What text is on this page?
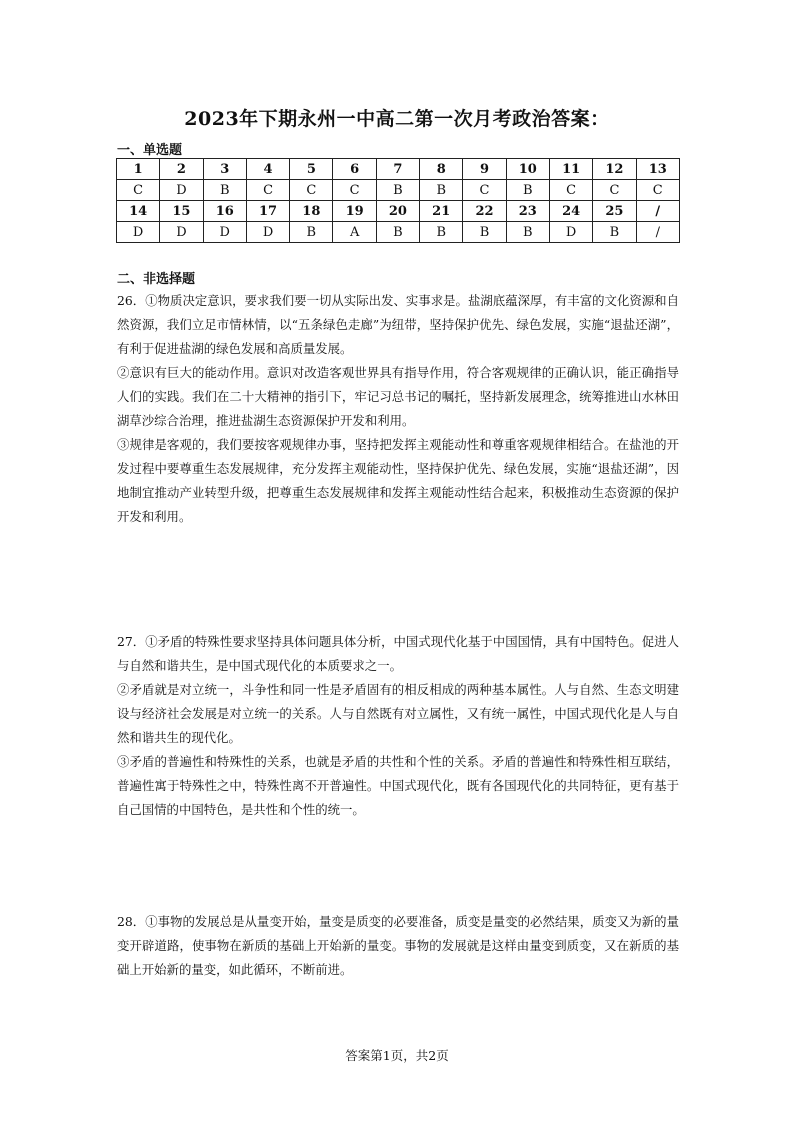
2023年下期永州一中高二第一次月考政治答案：
一、单选题
1	2	3	4	5	6	7	8	9	10	11	12	13
C	D	B	C	C	C	B	B	C	B	C	C	C
14	15	16	17	18	19	20	21	22	23	24	25	/
D	D	D	D	B	A	B	B	B	B	D	B	/
二、非选择题

26．①物质决定意识，要求我们要一切从实际出发、实事求是。盐湖底蕴深厚，有丰富的文化资源和自然资源，我们立足市情林情，以“五条绿色走廊”为纽带，坚持保护优先、绿色发展，实施“退盐还湖”，有利于促进盐湖的绿色发展和高质量发展。

②意识有巨大的能动作用。意识对改造客观世界具有指导作用，符合客观规律的正确认识，能正确指导人们的实践。我们在二十大精神的指引下，牢记习总书记的嘱托，坚持新发展理念，统筹推进山水林田湖草沙综合治理，推进盐湖生态资源保护开发和利用。

③规律是客观的，我们要按客观规律办事，坚持把发挥主观能动性和尊重客观规律相结合。在盐池的开发过程中要尊重生态发展规律，充分发挥主观能动性，坚持保护优先、绿色发展，实施“退盐还湖”，因地制宜推动产业转型升级，把尊重生态发展规律和发挥主观能动性结合起来，积极推动生态资源的保护开发和利用。

27．①矛盾的特殊性要求坚持具体问题具体分析，中国式现代化基于中国国情，具有中国特色。促进人与自然和谐共生，是中国式现代化的本质要求之一。

②矛盾就是对立统一，斗争性和同一性是矛盾固有的相反相成的两种基本属性。人与自然、生态文明建设与经济社会发展是对立统一的关系。人与自然既有对立属性，又有统一属性，中国式现代化是人与自然和谐共生的现代化。

③矛盾的普遍性和特殊性的关系，也就是矛盾的共性和个性的关系。矛盾的普遍性和特殊性相互联结，普遍性寓于特殊性之中，特殊性离不开普遍性。中国式现代化，既有各国现代化的共同特征，更有基于自己国情的中国特色，是共性和个性的统一。

28．①事物的发展总是从量变开始，量变是质变的必要准备，质变是量变的必然结果，质变又为新的量变开辟道路，使事物在新质的基础上开始新的量变。事物的发展就是这样由量变到质变，又在新质的基础上开始新的量变，如此循环，不断前进。

答案第1页，共2页
